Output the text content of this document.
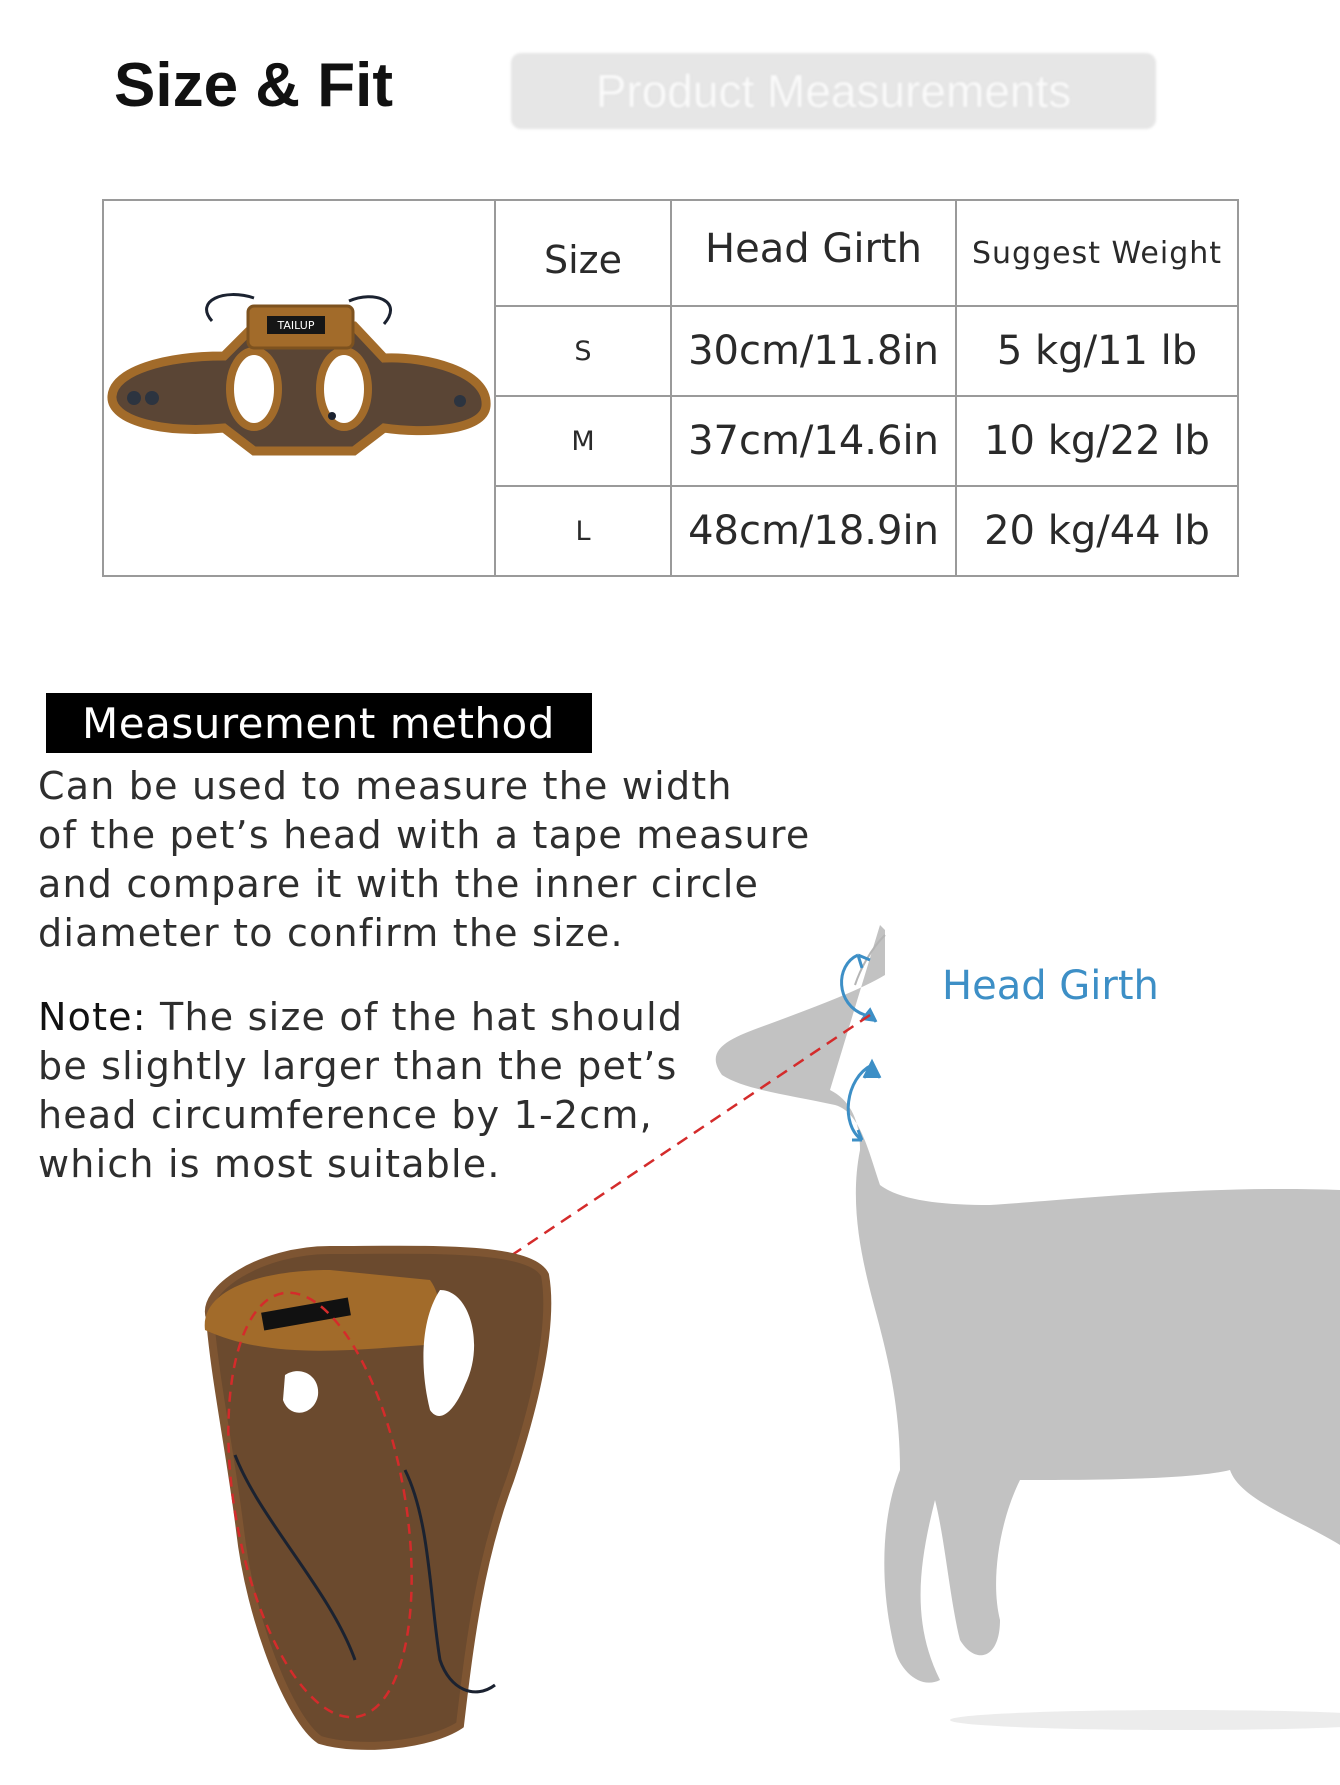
Size & Fit	Product Measurements
TAILUP	Size	Head Girth	Suggest Weight
	S	30cm/11.8in	5 kg/11 lb
	M	37cm/14.6in	10 kg/22 lb
	L	48cm/18.9in	20 kg/44 lb
Measurement method
Can be used to measure the width
of the pet’s head with a tape measure
and compare it with the inner circle
diameter to confirm the size.
Note: The size of the hat should
be slightly larger than the pet’s
head circumference by 1-2cm,
which is most suitable.
Head Girth
